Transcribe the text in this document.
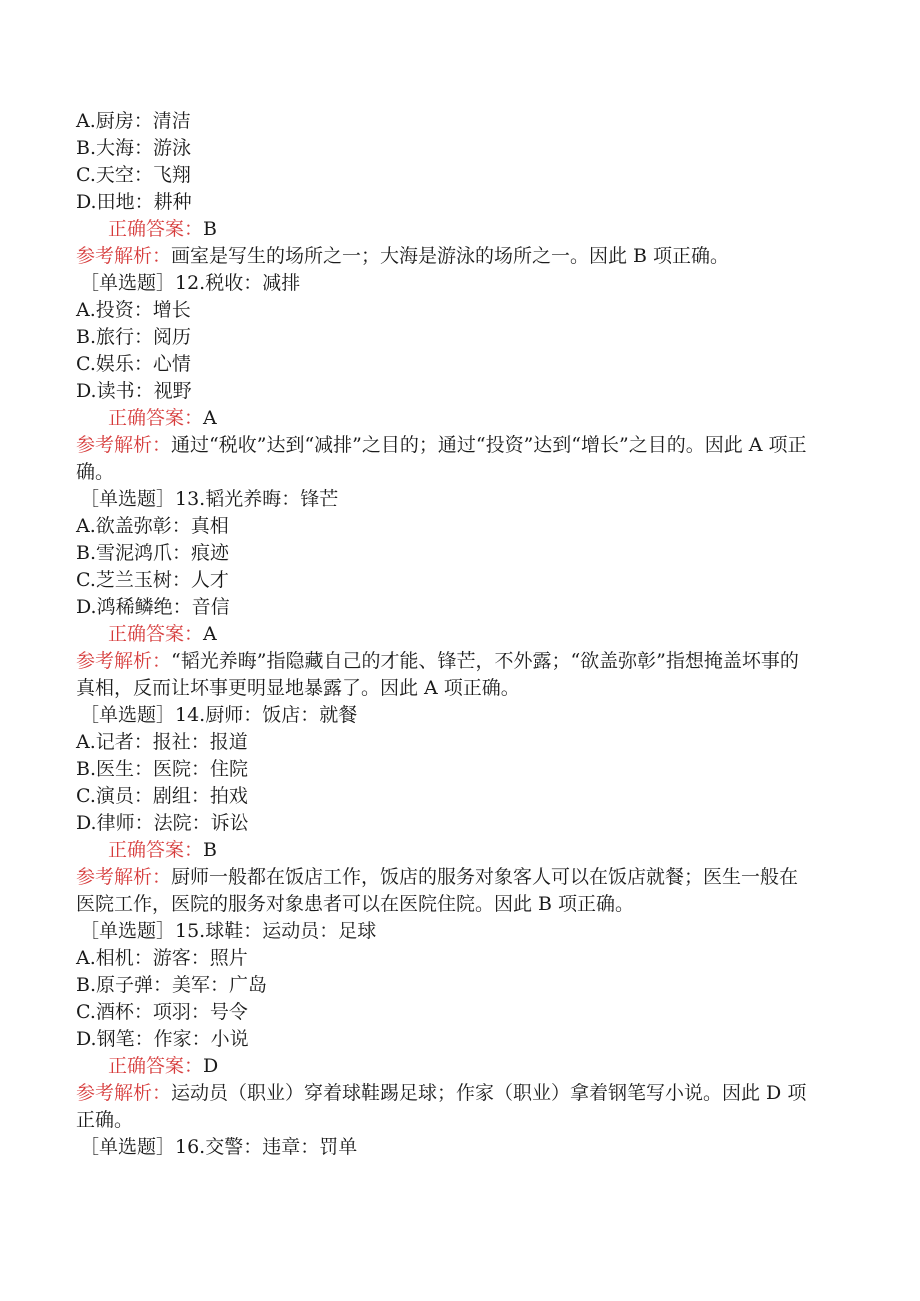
A.厨房：清洁
B.大海：游泳
C.天空：飞翔
D.田地：耕种
正确答案：B
参考解析：画室是写生的场所之一；大海是游泳的场所之一。因此 B 项正确。
［单选题］12.税收：减排
A.投资：增长
B.旅行：阅历
C.娱乐：心情
D.读书：视野
正确答案：A
参考解析：通过“税收”达到“减排”之目的；通过“投资”达到“增长”之目的。因此 A 项正确。
［单选题］13.韬光养晦：锋芒
A.欲盖弥彰：真相
B.雪泥鸿爪：痕迹
C.芝兰玉树：人才
D.鸿稀鳞绝：音信
正确答案：A
参考解析：“韬光养晦”指隐藏自己的才能、锋芒，不外露；“欲盖弥彰”指想掩盖坏事的真相，反而让坏事更明显地暴露了。因此 A 项正确。
［单选题］14.厨师：饭店：就餐
A.记者：报社：报道
B.医生：医院：住院
C.演员：剧组：拍戏
D.律师：法院：诉讼
正确答案：B
参考解析：厨师一般都在饭店工作，饭店的服务对象客人可以在饭店就餐；医生一般在医院工作，医院的服务对象患者可以在医院住院。因此 B 项正确。
［单选题］15.球鞋：运动员：足球
A.相机：游客：照片
B.原子弹：美军：广岛
C.酒杯：项羽：号令
D.钢笔：作家：小说
正确答案：D
参考解析：运动员（职业）穿着球鞋踢足球；作家（职业）拿着钢笔写小说。因此 D 项正确。
［单选题］16.交警：违章：罚单
